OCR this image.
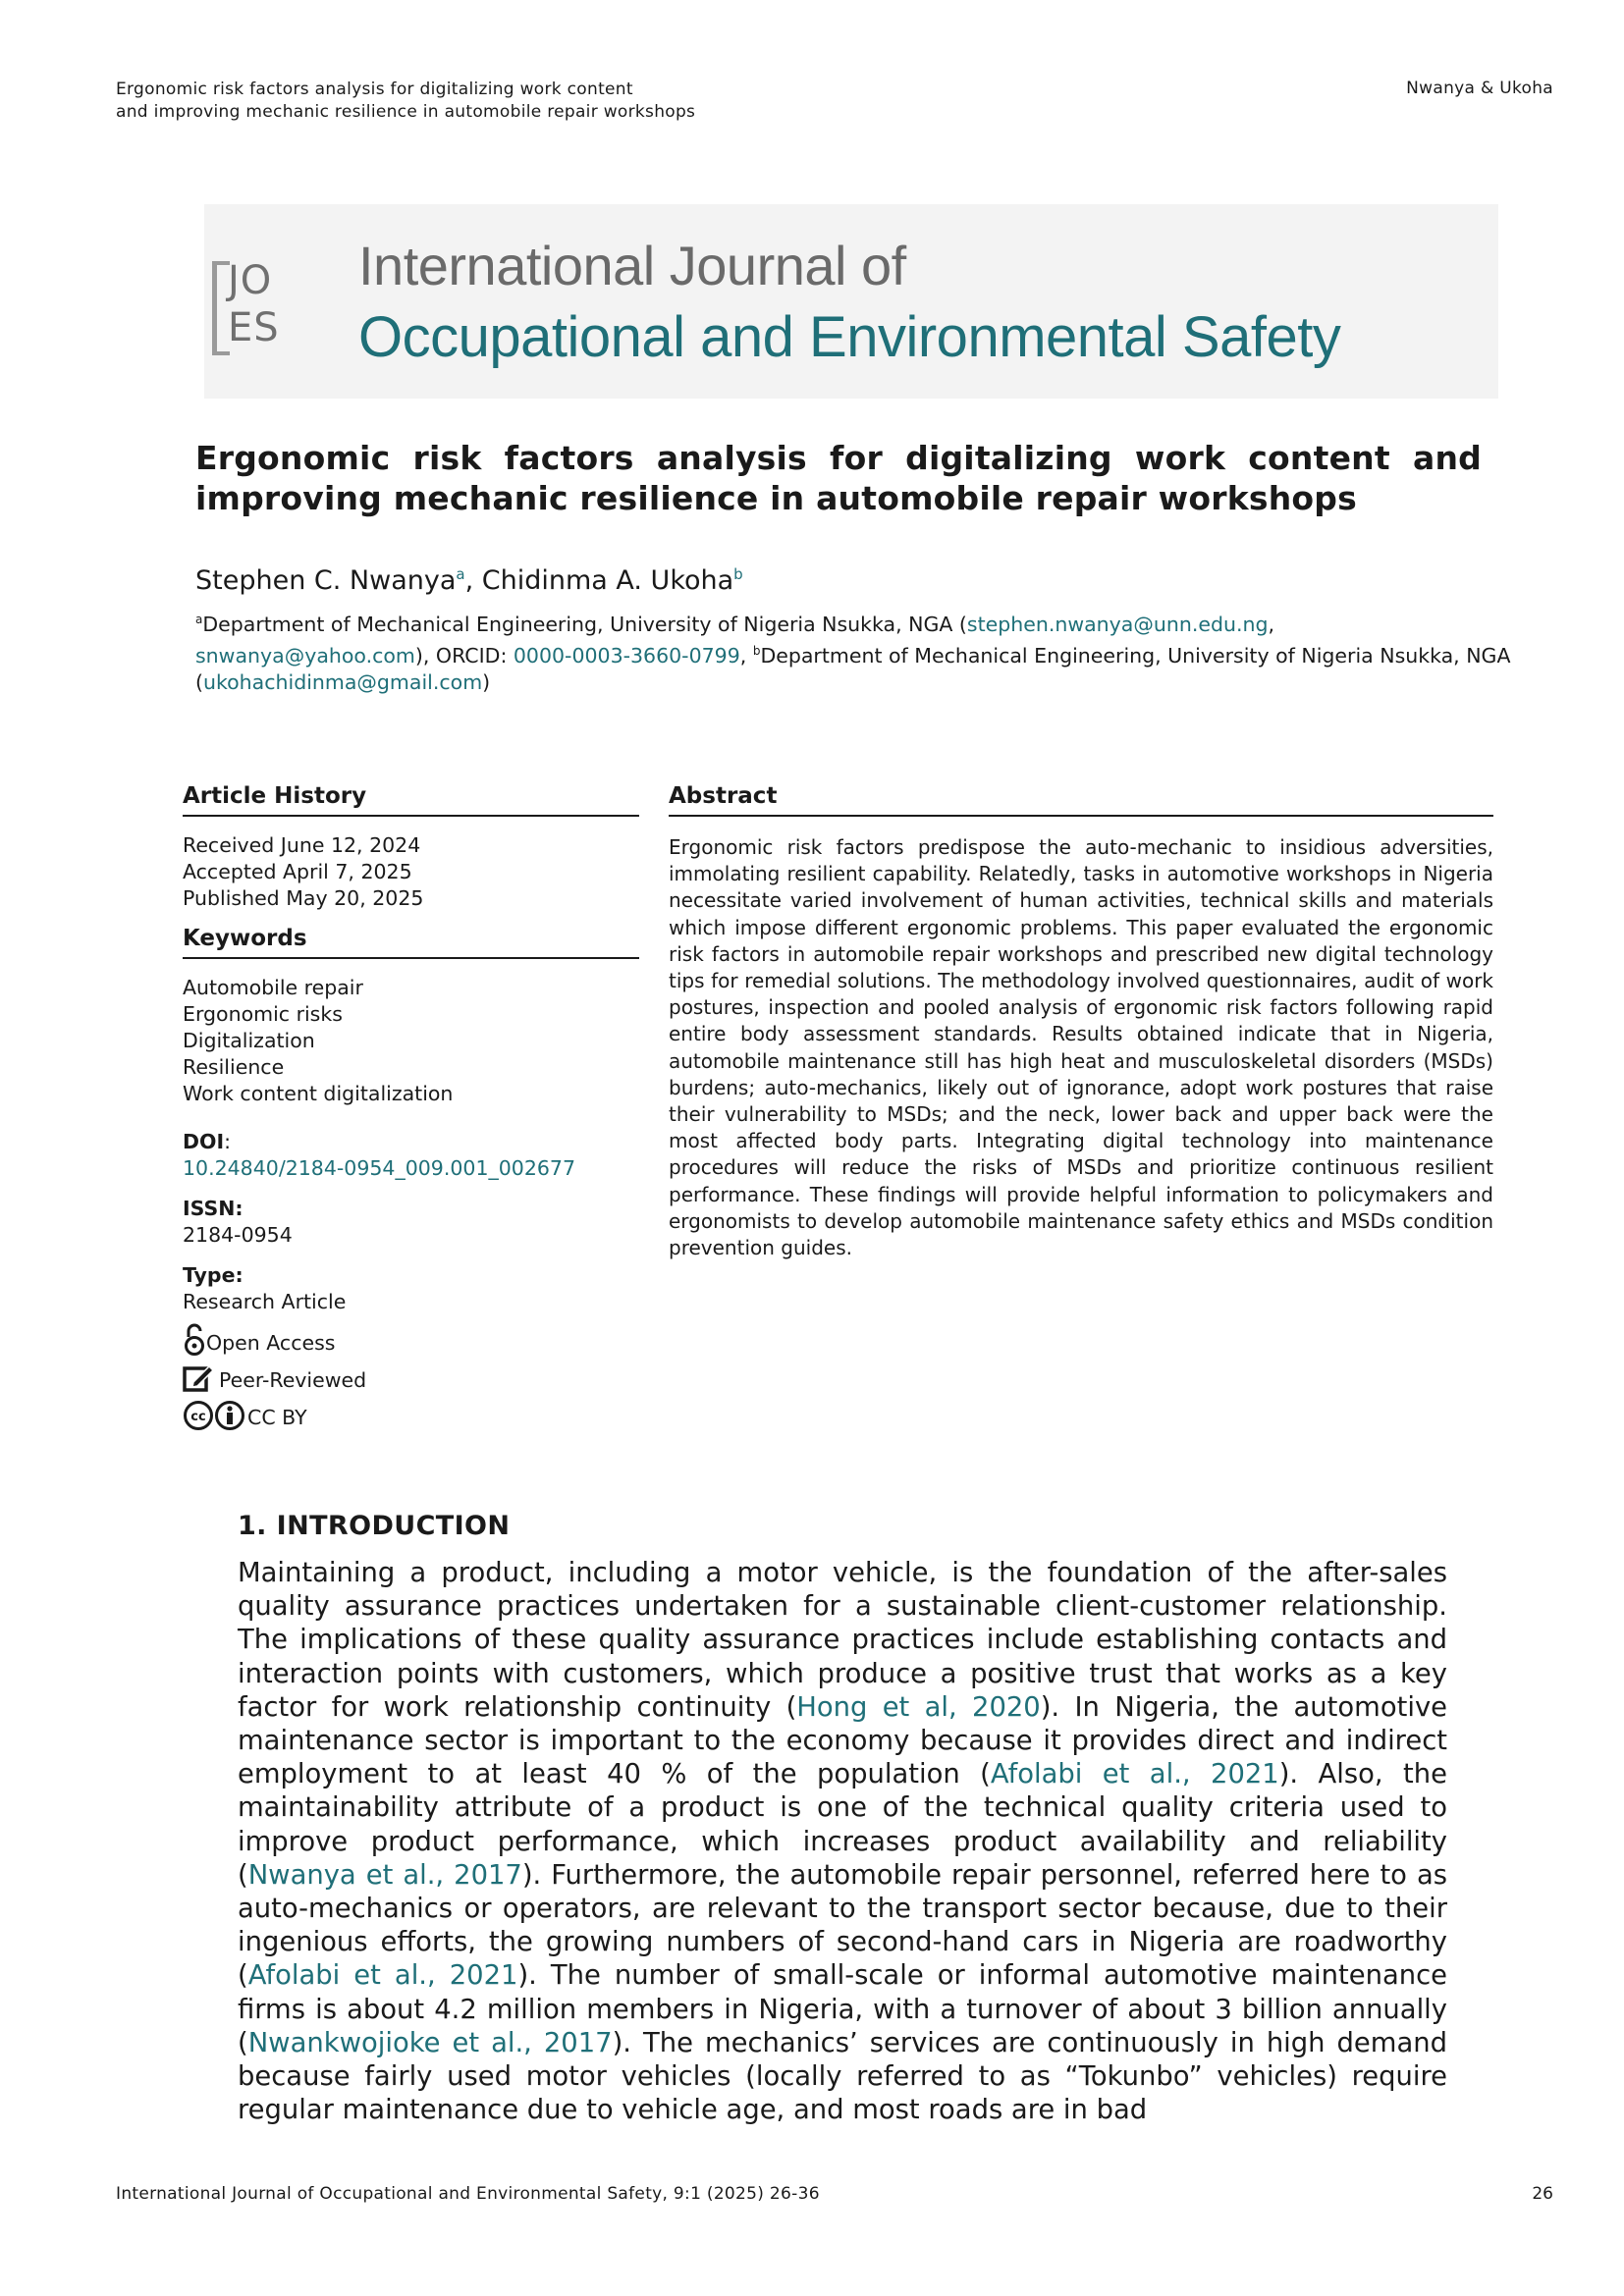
Ergonomic risk factors analysis for digitalizing work content
and improving mechanic resilience in automobile repair workshops
Nwanya & Ukoha
JO
ES
International Journal of
Occupational and Environmental Safety
Ergonomic risk factors analysis for digitalizing work content and improving mechanic resilience in automobile repair workshops
Stephen C. Nwanya$^a$, Chidinma A. Ukoha$^b$
$^a$Department of Mechanical Engineering, University of Nigeria Nsukka, NGA (stephen.nwanya@unn.edu.ng,
snwanya@yahoo.com), ORCID: 0000-0003-3660-0799, $^b$Department of Mechanical Engineering, University of Nigeria Nsukka, NGA (ukohachidinma@gmail.com)
Article History
Received June 12, 2024
Accepted April 7, 2025
Published May 20, 2025
Keywords
Automobile repair
Ergonomic risks
Digitalization
Resilience
Work content digitalization
DOI:
10.24840/2184-0954_009.001_002677
ISSN:
2184-0954
Type:
Research Article
Open Access
Peer-Reviewed
cc CC BY
Abstract
Ergonomic risk factors predispose the auto-mechanic to insidious adversities, immolating resilient capability. Relatedly, tasks in automotive workshops in Nigeria necessitate varied involvement of human activities, technical skills and materials which impose different ergonomic problems. This paper evaluated the ergonomic risk factors in automobile repair workshops and prescribed new digital technology tips for remedial solutions. The methodology involved questionnaires, audit of work postures, inspection and pooled analysis of ergonomic risk factors following rapid entire body assessment standards. Results obtained indicate that in Nigeria, automobile maintenance still has high heat and musculoskeletal disorders (MSDs) burdens; auto-mechanics, likely out of ignorance, adopt work postures that raise their vulnerability to MSDs; and the neck, lower back and upper back were the most affected body parts. Integrating digital technology into maintenance procedures will reduce the risks of MSDs and prioritize continuous resilient performance. These findings will provide helpful information to policymakers and ergonomists to develop automobile maintenance safety ethics and MSDs condition prevention guides.
1. INTRODUCTION
Maintaining a product, including a motor vehicle, is the foundation of the after-sales quality assurance practices undertaken for a sustainable client-customer relationship. The implications of these quality assurance practices include establishing contacts and interaction points with customers, which produce a positive trust that works as a key factor for work relationship continuity (Hong et al, 2020). In Nigeria, the automotive maintenance sector is important to the economy because it provides direct and indirect employment to at least 40 % of the population (Afolabi et al., 2021). Also, the maintainability attribute of a product is one of the technical quality criteria used to improve product performance, which increases product availability and reliability (Nwanya et al., 2017). Furthermore, the automobile repair personnel, referred here to as auto-mechanics or operators, are relevant to the transport sector because, due to their ingenious efforts, the growing numbers of second-hand cars in Nigeria are roadworthy (Afolabi et al., 2021). The number of small-scale or informal automotive maintenance firms is about 4.2 million members in Nigeria, with a turnover of about 3 billion annually (Nwankwojioke et al., 2017). The mechanics’ services are continuously in high demand because fairly used motor vehicles (locally referred to as “Tokunbo” vehicles) require regular maintenance due to vehicle age, and most roads are in bad
International Journal of Occupational and Environmental Safety, 9:1 (2025) 26-36	26
